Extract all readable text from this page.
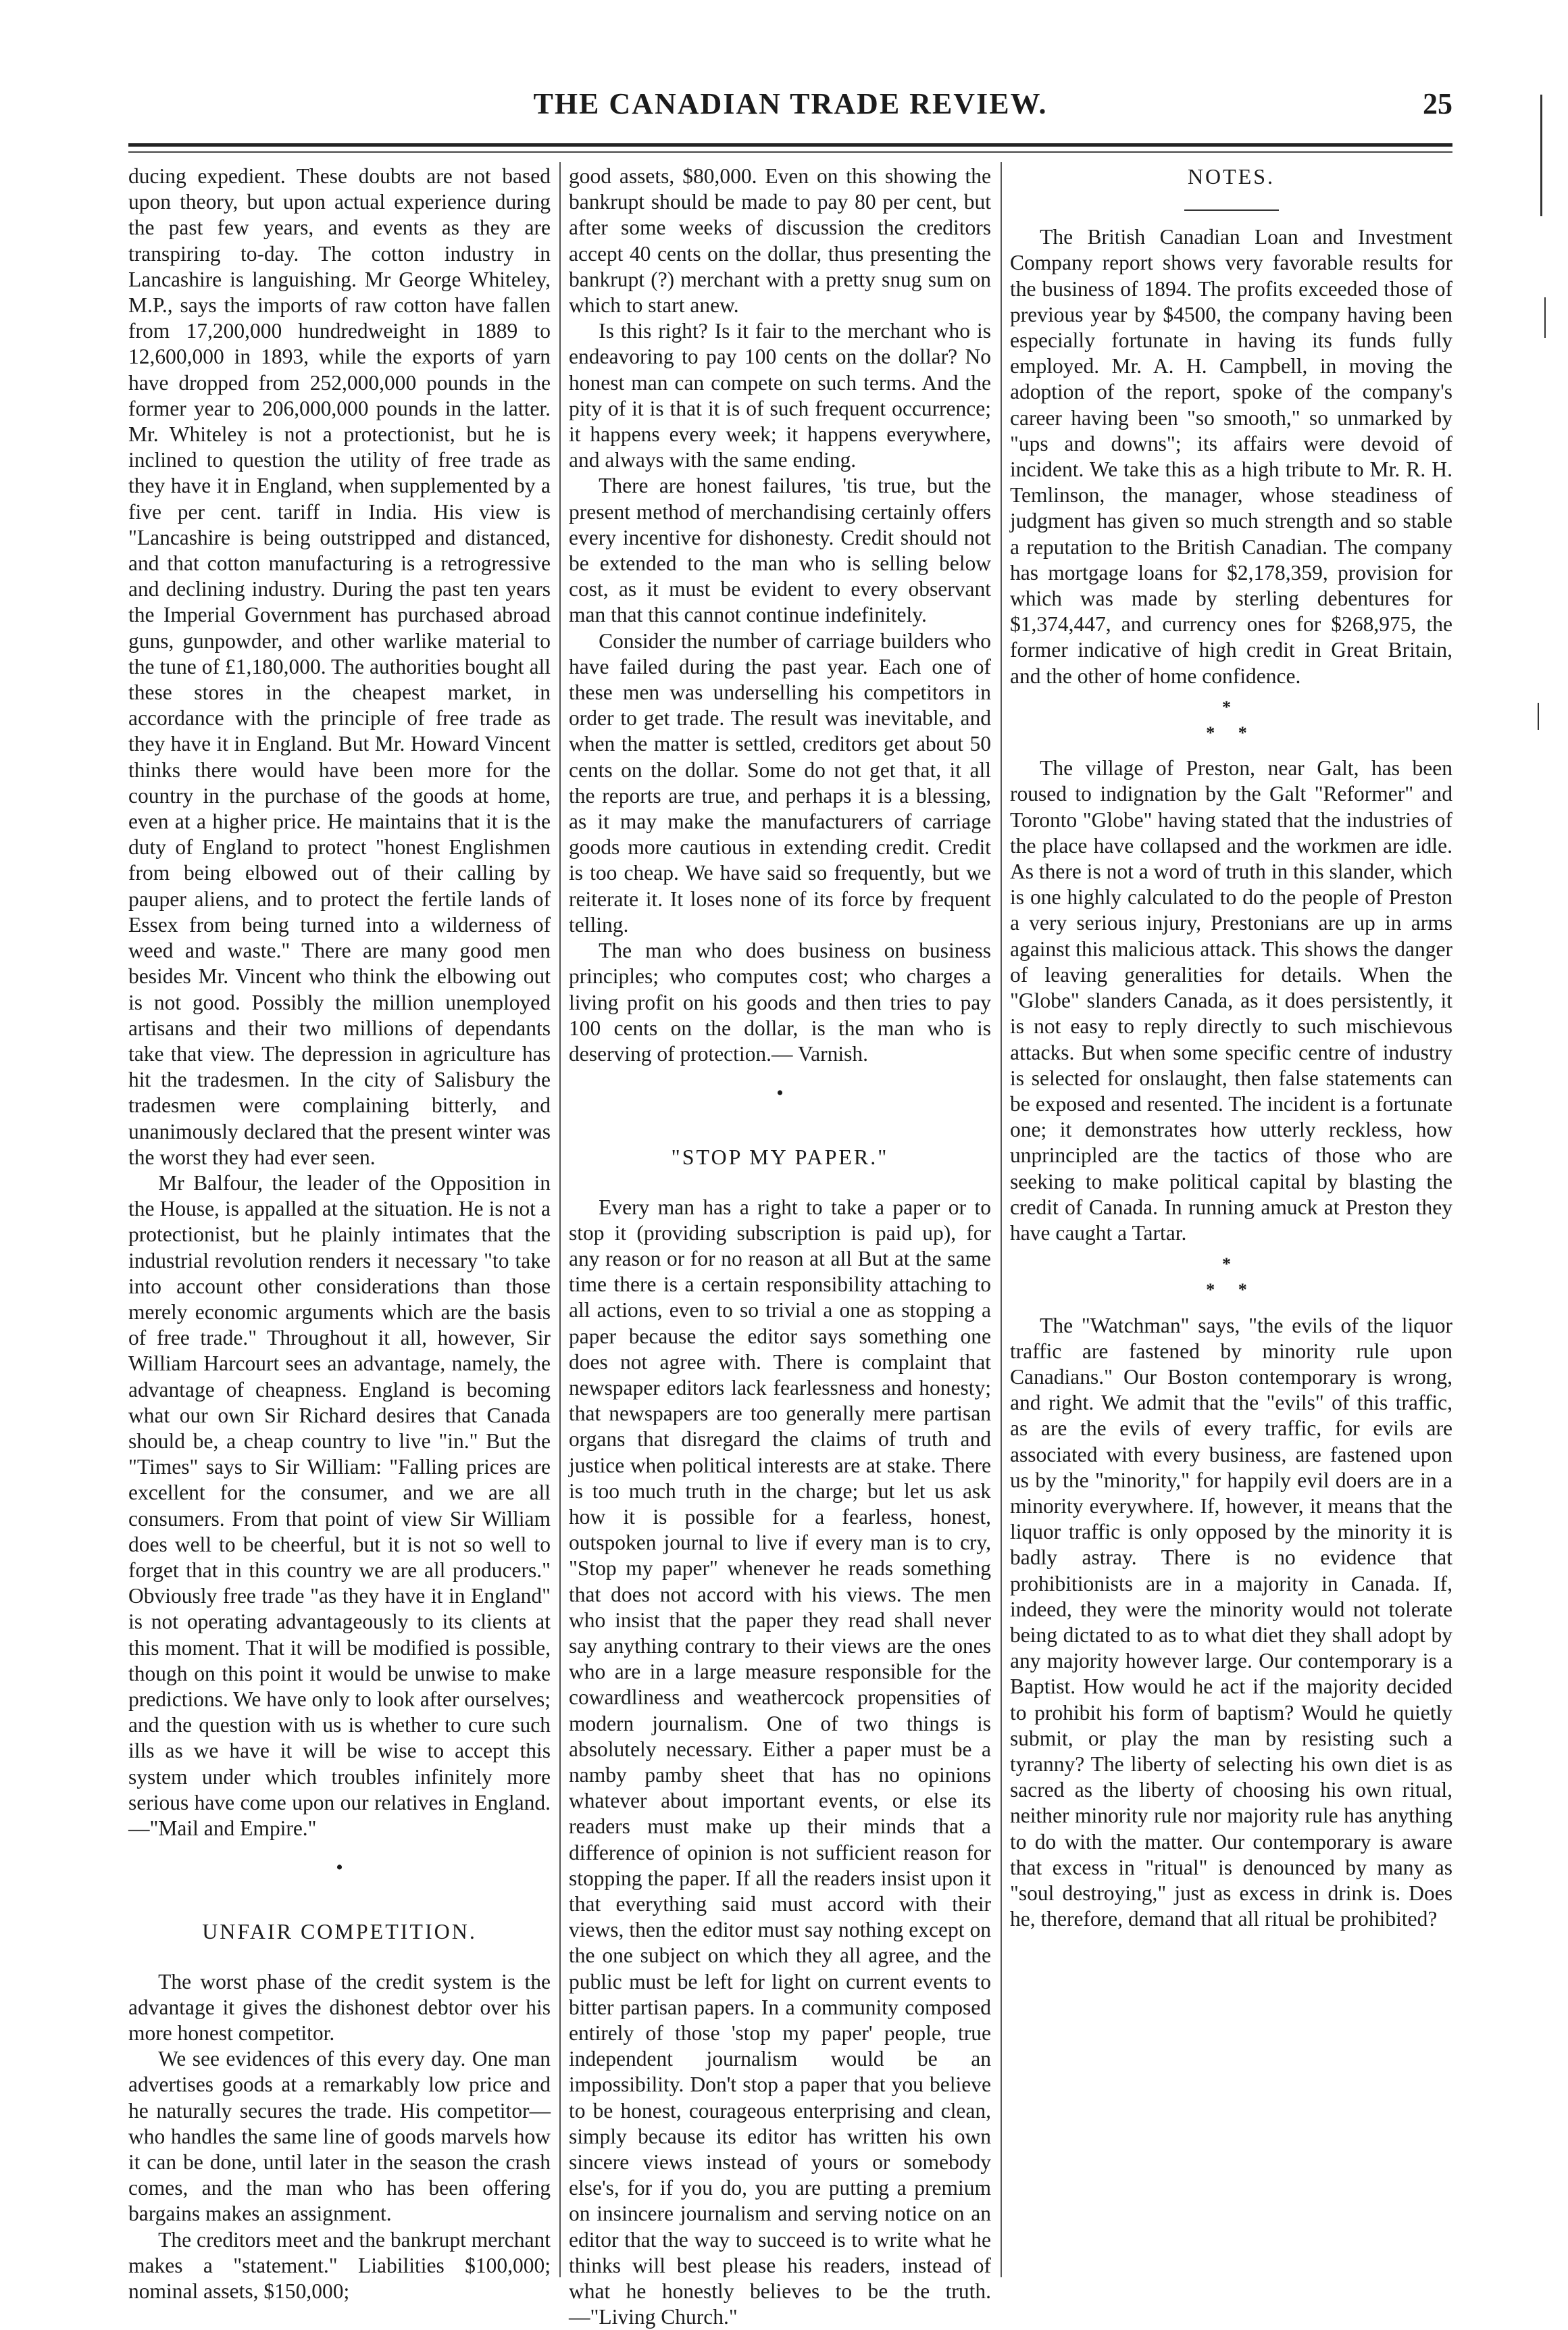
THE CANADIAN TRADE REVIEW.	25

ducing expedient. These doubts are not based upon theory, but upon actual experience during the past few years, and events as they are transpiring to-day. The cotton industry in Lancashire is languishing. Mr George Whiteley, M.P., says the imports of raw cotton have fallen from 17,200,000 hundredweight in 1889 to 12,600,000 in 1893, while the exports of yarn have dropped from 252,000,000 pounds in the former year to 206,000,000 pounds in the latter. Mr. Whiteley is not a protectionist, but he is inclined to question the utility of free trade as they have it in England, when supplemented by a five per cent. tariff in India. His view is "Lancashire is being outstripped and distanced, and that cotton manufacturing is a retrogressive and declining industry. During the past ten years the Imperial Government has purchased abroad guns, gunpowder, and other warlike material to the tune of £1,180,000. The authorities bought all these stores in the cheapest market, in accordance with the principle of free trade as they have it in England. But Mr. Howard Vincent thinks there would have been more for the country in the purchase of the goods at home, even at a higher price. He maintains that it is the duty of England to protect "honest Englishmen from being elbowed out of their calling by pauper aliens, and to protect the fertile lands of Essex from being turned into a wilderness of weed and waste." There are many good men besides Mr. Vincent who think the elbowing out is not good. Possibly the million unemployed artisans and their two millions of dependants take that view. The depression in agriculture has hit the tradesmen. In the city of Salisbury the tradesmen were complaining bitterly, and unanimously declared that the present winter was the worst they had ever seen.

Mr Balfour, the leader of the Opposition in the House, is appalled at the situation. He is not a protectionist, but he plainly intimates that the industrial revolution renders it necessary "to take into account other considerations than those merely economic arguments which are the basis of free trade." Throughout it all, however, Sir William Harcourt sees an advantage, namely, the advantage of cheapness. England is becoming what our own Sir Richard desires that Canada should be, a cheap country to live "in." But the "Times" says to Sir William: "Falling prices are excellent for the consumer, and we are all consumers. From that point of view Sir William does well to be cheerful, but it is not so well to forget that in this country we are all producers." Obviously free trade "as they have it in England" is not operating advantageously to its clients at this moment. That it will be modified is possible, though on this point it would be unwise to make predictions. We have only to look after ourselves; and the question with us is whether to cure such ills as we have it will be wise to accept this system under which troubles infinitely more serious have come upon our relatives in England. —"Mail and Empire."

•
UNFAIR COMPETITION.

The worst phase of the credit system is the advantage it gives the dishonest debtor over his more honest competitor.

We see evidences of this every day. One man advertises goods at a remarkably low price and he naturally secures the trade. His competitor—who handles the same line of goods marvels how it can be done, until later in the season the crash comes, and the man who has been offering bargains makes an assignment.

The creditors meet and the bankrupt merchant makes a "statement." Liabilities $100,000; nominal assets, $150,000;

good assets, $80,000. Even on this showing the bankrupt should be made to pay 80 per cent, but after some weeks of discussion the creditors accept 40 cents on the dollar, thus presenting the bankrupt (?) merchant with a pretty snug sum on which to start anew.

Is this right? Is it fair to the merchant who is endeavoring to pay 100 cents on the dollar? No honest man can compete on such terms. And the pity of it is that it is of such frequent occurrence; it happens every week; it happens everywhere, and always with the same ending.

There are honest failures, 'tis true, but the present method of merchandising certainly offers every incentive for dishonesty. Credit should not be extended to the man who is selling below cost, as it must be evident to every observant man that this cannot continue indefinitely.

Consider the number of carriage builders who have failed during the past year. Each one of these men was underselling his competitors in order to get trade. The result was inevitable, and when the matter is settled, creditors get about 50 cents on the dollar. Some do not get that, it all the reports are true, and perhaps it is a blessing, as it may make the manufacturers of carriage goods more cautious in extending credit. Credit is too cheap. We have said so frequently, but we reiterate it. It loses none of its force by frequent telling.

The man who does business on business principles; who computes cost; who charges a living profit on his goods and then tries to pay 100 cents on the dollar, is the man who is deserving of protection.— Varnish.

•
"STOP MY PAPER."

Every man has a right to take a paper or to stop it (providing subscription is paid up), for any reason or for no reason at all But at the same time there is a certain responsibility attaching to all actions, even to so trivial a one as stopping a paper because the editor says something one does not agree with. There is complaint that newspaper editors lack fearlessness and honesty; that newspapers are too generally mere partisan organs that disregard the claims of truth and justice when political interests are at stake. There is too much truth in the charge; but let us ask how it is possible for a fearless, honest, outspoken journal to live if every man is to cry, "Stop my paper" whenever he reads something that does not accord with his views. The men who insist that the paper they read shall never say anything contrary to their views are the ones who are in a large measure responsible for the cowardliness and weathercock propensities of modern journalism. One of two things is absolutely necessary. Either a paper must be a namby pamby sheet that has no opinions whatever about important events, or else its readers must make up their minds that a difference of opinion is not sufficient reason for stopping the paper. If all the readers insist upon it that everything said must accord with their views, then the editor must say nothing except on the one subject on which they all agree, and the public must be left for light on current events to bitter partisan papers. In a community composed entirely of those 'stop my paper' people, true independent journalism would be an impossibility. Don't stop a paper that you believe to be honest, courageous enterprising and clean, simply because its editor has written his own sincere views instead of yours or somebody else's, for if you do, you are putting a premium on insincere journalism and serving notice on an editor that the way to succeed is to write what he thinks will best please his readers, instead of what he honestly believes to be the truth.—"Living Church."

NOTES.

The British Canadian Loan and Investment Company report shows very favorable results for the business of 1894. The profits exceeded those of previous year by $4500, the company having been especially fortunate in having its funds fully employed. Mr. A. H. Campbell, in moving the adoption of the report, spoke of the company's career having been "so smooth," so unmarked by "ups and downs"; its affairs were devoid of incident. We take this as a high tribute to Mr. R. H. Temlinson, the manager, whose steadiness of judgment has given so much strength and so stable a reputation to the British Canadian. The company has mortgage loans for $2,178,359, provision for which was made by sterling debentures for $1,374,447, and currency ones for $268,975, the former indicative of high credit in Great Britain, and the other of home confidence.

*
* *

The village of Preston, near Galt, has been roused to indignation by the Galt "Reformer" and Toronto "Globe" having stated that the industries of the place have collapsed and the workmen are idle. As there is not a word of truth in this slander, which is one highly calculated to do the people of Preston a very serious injury, Prestonians are up in arms against this malicious attack. This shows the danger of leaving generalities for details. When the "Globe" slanders Canada, as it does persistently, it is not easy to reply directly to such mischievous attacks. But when some specific centre of industry is selected for onslaught, then false statements can be exposed and resented. The incident is a fortunate one; it demonstrates how utterly reckless, how unprincipled are the tactics of those who are seeking to make political capital by blasting the credit of Canada. In running amuck at Preston they have caught a Tartar.

*
* *

The "Watchman" says, "the evils of the liquor traffic are fastened by minority rule upon Canadians." Our Boston contemporary is wrong, and right. We admit that the "evils" of this traffic, as are the evils of every traffic, for evils are associated with every business, are fastened upon us by the "minority," for happily evil doers are in a minority everywhere. If, however, it means that the liquor traffic is only opposed by the minority it is badly astray. There is no evidence that prohibitionists are in a majority in Canada. If, indeed, they were the minority would not tolerate being dictated to as to what diet they shall adopt by any majority however large. Our contemporary is a Baptist. How would he act if the majority decided to prohibit his form of baptism? Would he quietly submit, or play the man by resisting such a tyranny? The liberty of selecting his own diet is as sacred as the liberty of choosing his own ritual, neither minority rule nor majority rule has anything to do with the matter. Our contemporary is aware that excess in "ritual" is denounced by many as "soul destroying," just as excess in drink is. Does he, therefore, demand that all ritual be prohibited?
